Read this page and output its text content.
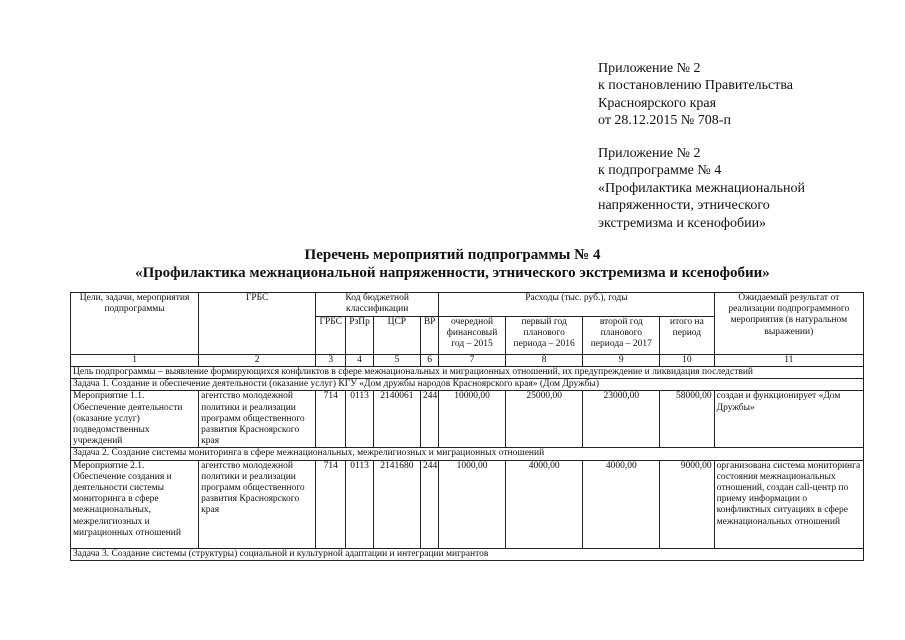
Приложение № 2
к постановлению Правительства
Красноярского края
от 28.12.2015 № 708-п
Приложение № 2
к подпрограмме № 4
«Профилактика межнациональной
напряженности, этнического
экстремизма и ксенофобии»
Перечень мероприятий подпрограммы № 4
«Профилактика межнациональной напряженности, этнического экстремизма и ксенофобии»
Цели, задачи, мероприятия подпрограммы	ГРБС	Код бюджетной классификации				Расходы (тыс. руб.), годы				Ожидаемый результат от реализации подпрограммного мероприятия (в натуральном выражении)
		ГРБС	РзПр	ЦСР	ВР	очередной финансовый год – 2015	первый год планового периода – 2016	второй год планового периода – 2017	итого на период	
1	2	3	4	5	6	7	8	9	10	11
Цель подпрограммы – выявление формирующихся конфликтов в сфере межнациональных и миграционных отношений, их предупреждение и ликвидация последствий										
Задача 1. Создание и обеспечение деятельности (оказание услуг) КГУ «Дом дружбы народов Красноярского края» (Дом Дружбы)										
Мероприятие 1.1. Обеспечение деятельности (оказание услуг) подведомственных учреждений	агентство молодежной политики и реализации программ общественного развития Красноярского края	714	0113	2140061	244	10000,00	25000,00	23000,00	58000,00	создан и функционирует «Дом Дружбы»
Задача 2. Создание системы мониторинга в сфере межнациональных, межрелигиозных и миграционных отношений										
Мероприятие 2.1. Обеспечение создания и деятельности системы мониторинга в сфере межнациональных, межрелигиозных и миграционных отношений	агентство молодежной политики и реализации программ общественного развития Красноярского края	714	0113	2141680	244	1000,00	4000,00	4000,00	9000,00	организована система мониторинга состояния межнациональных отношений, создан call-центр по приему информации о конфликтных ситуациях в сфере межнациональных отношений
Задача 3. Создание системы (структуры) социальной и культурной адаптации и интеграции мигрантов										
